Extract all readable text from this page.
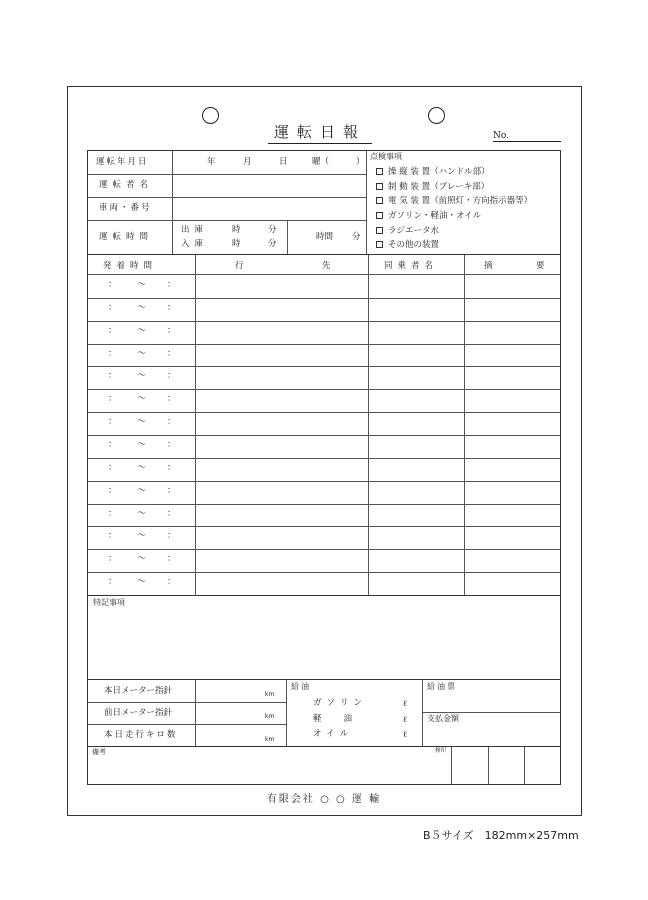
運転日報	No.
運転年月日	年	月	日	曜（	）
運転者名
車両・番号
運転時間
出庫	時	分
入庫	時	分
時間 分
点検事項
操 縦 装 置（ハンドル部）
制 動 装 置（ブレーキ部）
電 気 装 置（前照灯・方向指示器等）
ガソリン・軽油・オイル
ラジエータ水
その他の装置
発着時間	行	先	同乗者名	摘	要
： 〜 ：
： 〜 ：
： 〜 ：
： 〜 ：
： 〜 ：
： 〜 ：
： 〜 ：
： 〜 ：
： 〜 ：
： 〜 ：
： 〜 ：
： 〜 ：
： 〜 ：
： 〜 ：
特記事項
本日メーター指針	km
前日メーター指針	km
本日走行キロ数	km
給油
ガソリン	ℓ
軽油	ℓ
オイル	ℓ
給油票
支払金額
備考	検印
有限会社 ○ ○ 運 輸
B５サイズ　182mm×257mm
